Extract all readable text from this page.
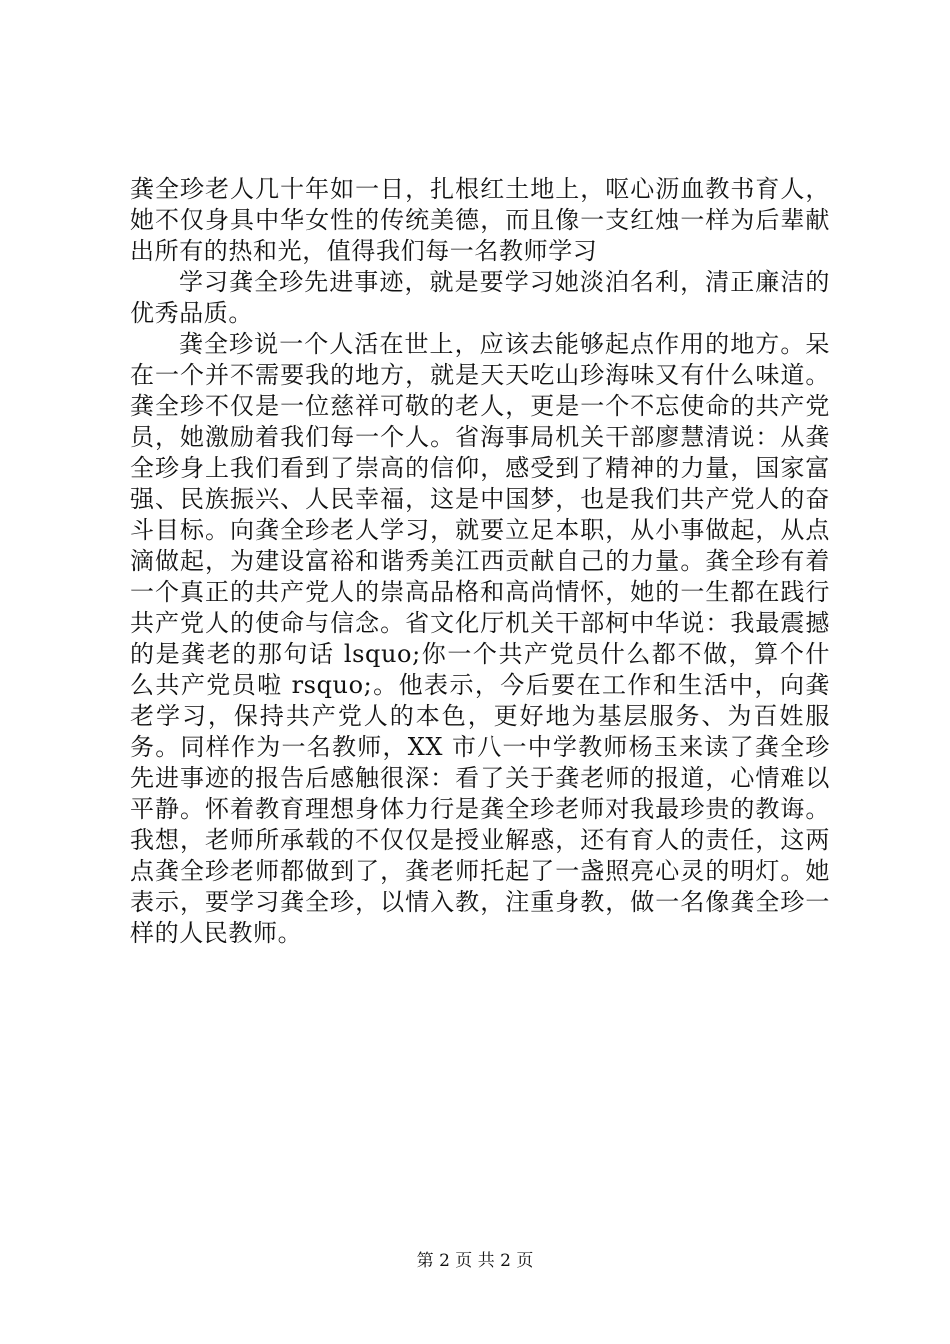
龚全珍老人几十年如一日，扎根红土地上，呕心沥血教书育人，她不仅身具中华女性的传统美德，而且像一支红烛一样为后辈献出所有的热和光，值得我们每一名教师学习

学习龚全珍先进事迹，就是要学习她淡泊名利，清正廉洁的优秀品质。

龚全珍说一个人活在世上，应该去能够起点作用的地方。呆在一个并不需要我的地方，就是天天吃山珍海味又有什么味道。龚全珍不仅是一位慈祥可敬的老人，更是一个不忘使命的共产党员，她激励着我们每一个人。省海事局机关干部廖慧清说：从龚全珍身上我们看到了崇高的信仰，感受到了精神的力量，国家富强、民族振兴、人民幸福，这是中国梦，也是我们共产党人的奋斗目标。向龚全珍老人学习，就要立足本职，从小事做起，从点滴做起，为建设富裕和谐秀美江西贡献自己的力量。龚全珍有着一个真正的共产党人的崇高品格和高尚情怀，她的一生都在践行共产党人的使命与信念。省文化厅机关干部柯中华说：我最震撼的是龚老的那句话 lsquo;你一个共产党员什么都不做，算个什么共产党员啦 rsquo;。他表示，今后要在工作和生活中，向龚老学习，保持共产党人的本色，更好地为基层服务、为百姓服务。同样作为一名教师，XX 市八一中学教师杨玉来读了龚全珍先进事迹的报告后感触很深：看了关于龚老师的报道，心情难以平静。怀着教育理想身体力行是龚全珍老师对我最珍贵的教诲。我想，老师所承载的不仅仅是授业解惑，还有育人的责任，这两点龚全珍老师都做到了，龚老师托起了一盏照亮心灵的明灯。她表示，要学习龚全珍，以情入教，注重身教，做一名像龚全珍一样的人民教师。

第 2 页 共 2 页
